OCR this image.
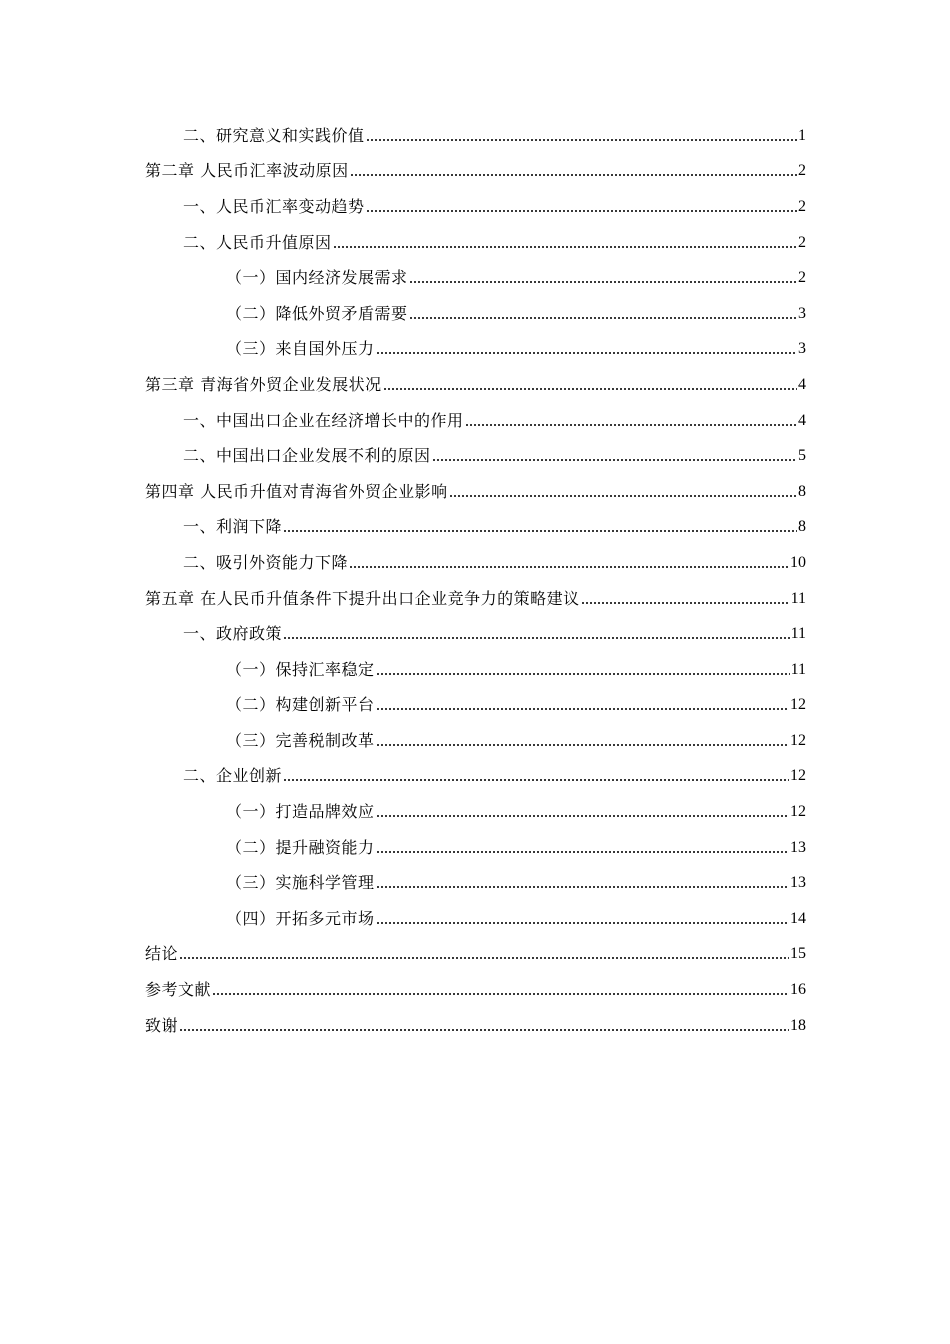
二、研究意义和实践价值	1
第二章 人民币汇率波动原因	2
一、人民币汇率变动趋势	2
二、人民币升值原因	2
（一）国内经济发展需求	2
（二）降低外贸矛盾需要	3
（三）来自国外压力	3
第三章 青海省外贸企业发展状况	4
一、中国出口企业在经济增长中的作用	4
二、中国出口企业发展不利的原因	5
第四章 人民币升值对青海省外贸企业影响	8
一、利润下降	8
二、吸引外资能力下降	10
第五章 在人民币升值条件下提升出口企业竞争力的策略建议	11
一、政府政策	11
（一）保持汇率稳定	11
（二）构建创新平台	12
（三）完善税制改革	12
二、企业创新	12
（一）打造品牌效应	12
（二）提升融资能力	13
（三）实施科学管理	13
（四）开拓多元市场	14
结论	15
参考文献	16
致谢	18
